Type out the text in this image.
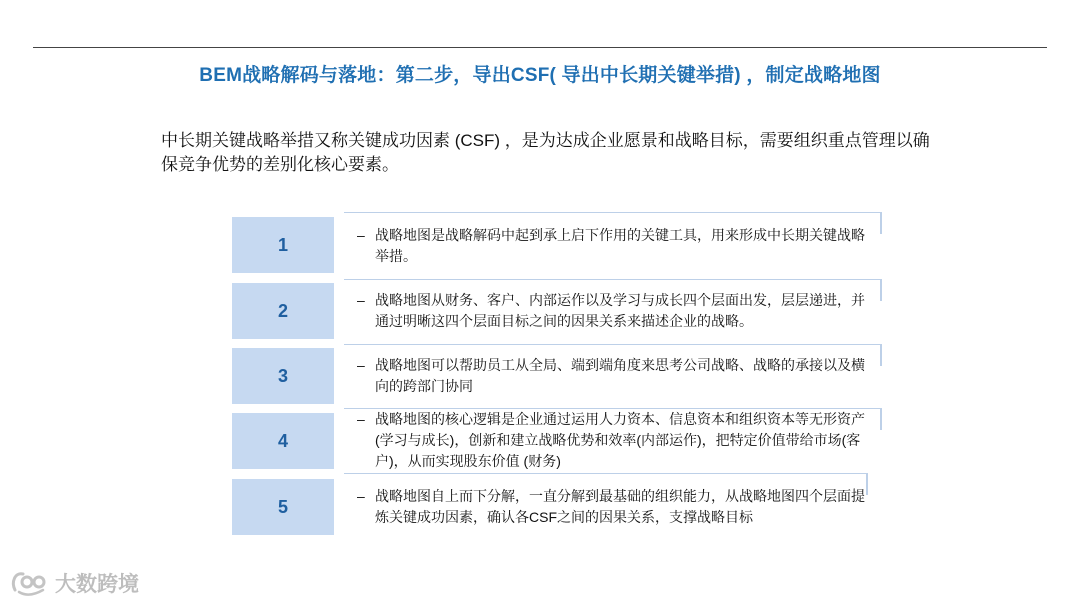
BEM战略解码与落地：第二步，导出CSF( 导出中长期关键举措) ，制定战略地图
中长期关键战略举措又称关键成功因素 (CSF) ，是为达成企业愿景和战略目标，需要组织重点管理以确保竞争优势的差别化核心要素。
1	– 战略地图是战略解码中起到承上启下作用的关键工具，用来形成中长期关键战略举措。
2
– 战略地图从财务、客户、内部运作以及学习与成长四个层面出发，层层递进，并通过明晰这四个层面目标之间的因果关系来描述企业的战略。
3
– 战略地图可以帮助员工从全局、端到端角度来思考公司战略、战略的承接以及横向的跨部门协同
4
– 战略地图的核心逻辑是企业通过运用人力资本、信息资本和组织资本等无形资产(学习与成长)，创新和建立战略优势和效率(内部运作)，把特定价值带给市场(客户)，从而实现股东价值 (财务)
5
– 战略地图自上而下分解，一直分解到最基础的组织能力，从战略地图四个层面提炼关键成功因素，确认各CSF之间的因果关系，支撑战略目标
大数跨境
